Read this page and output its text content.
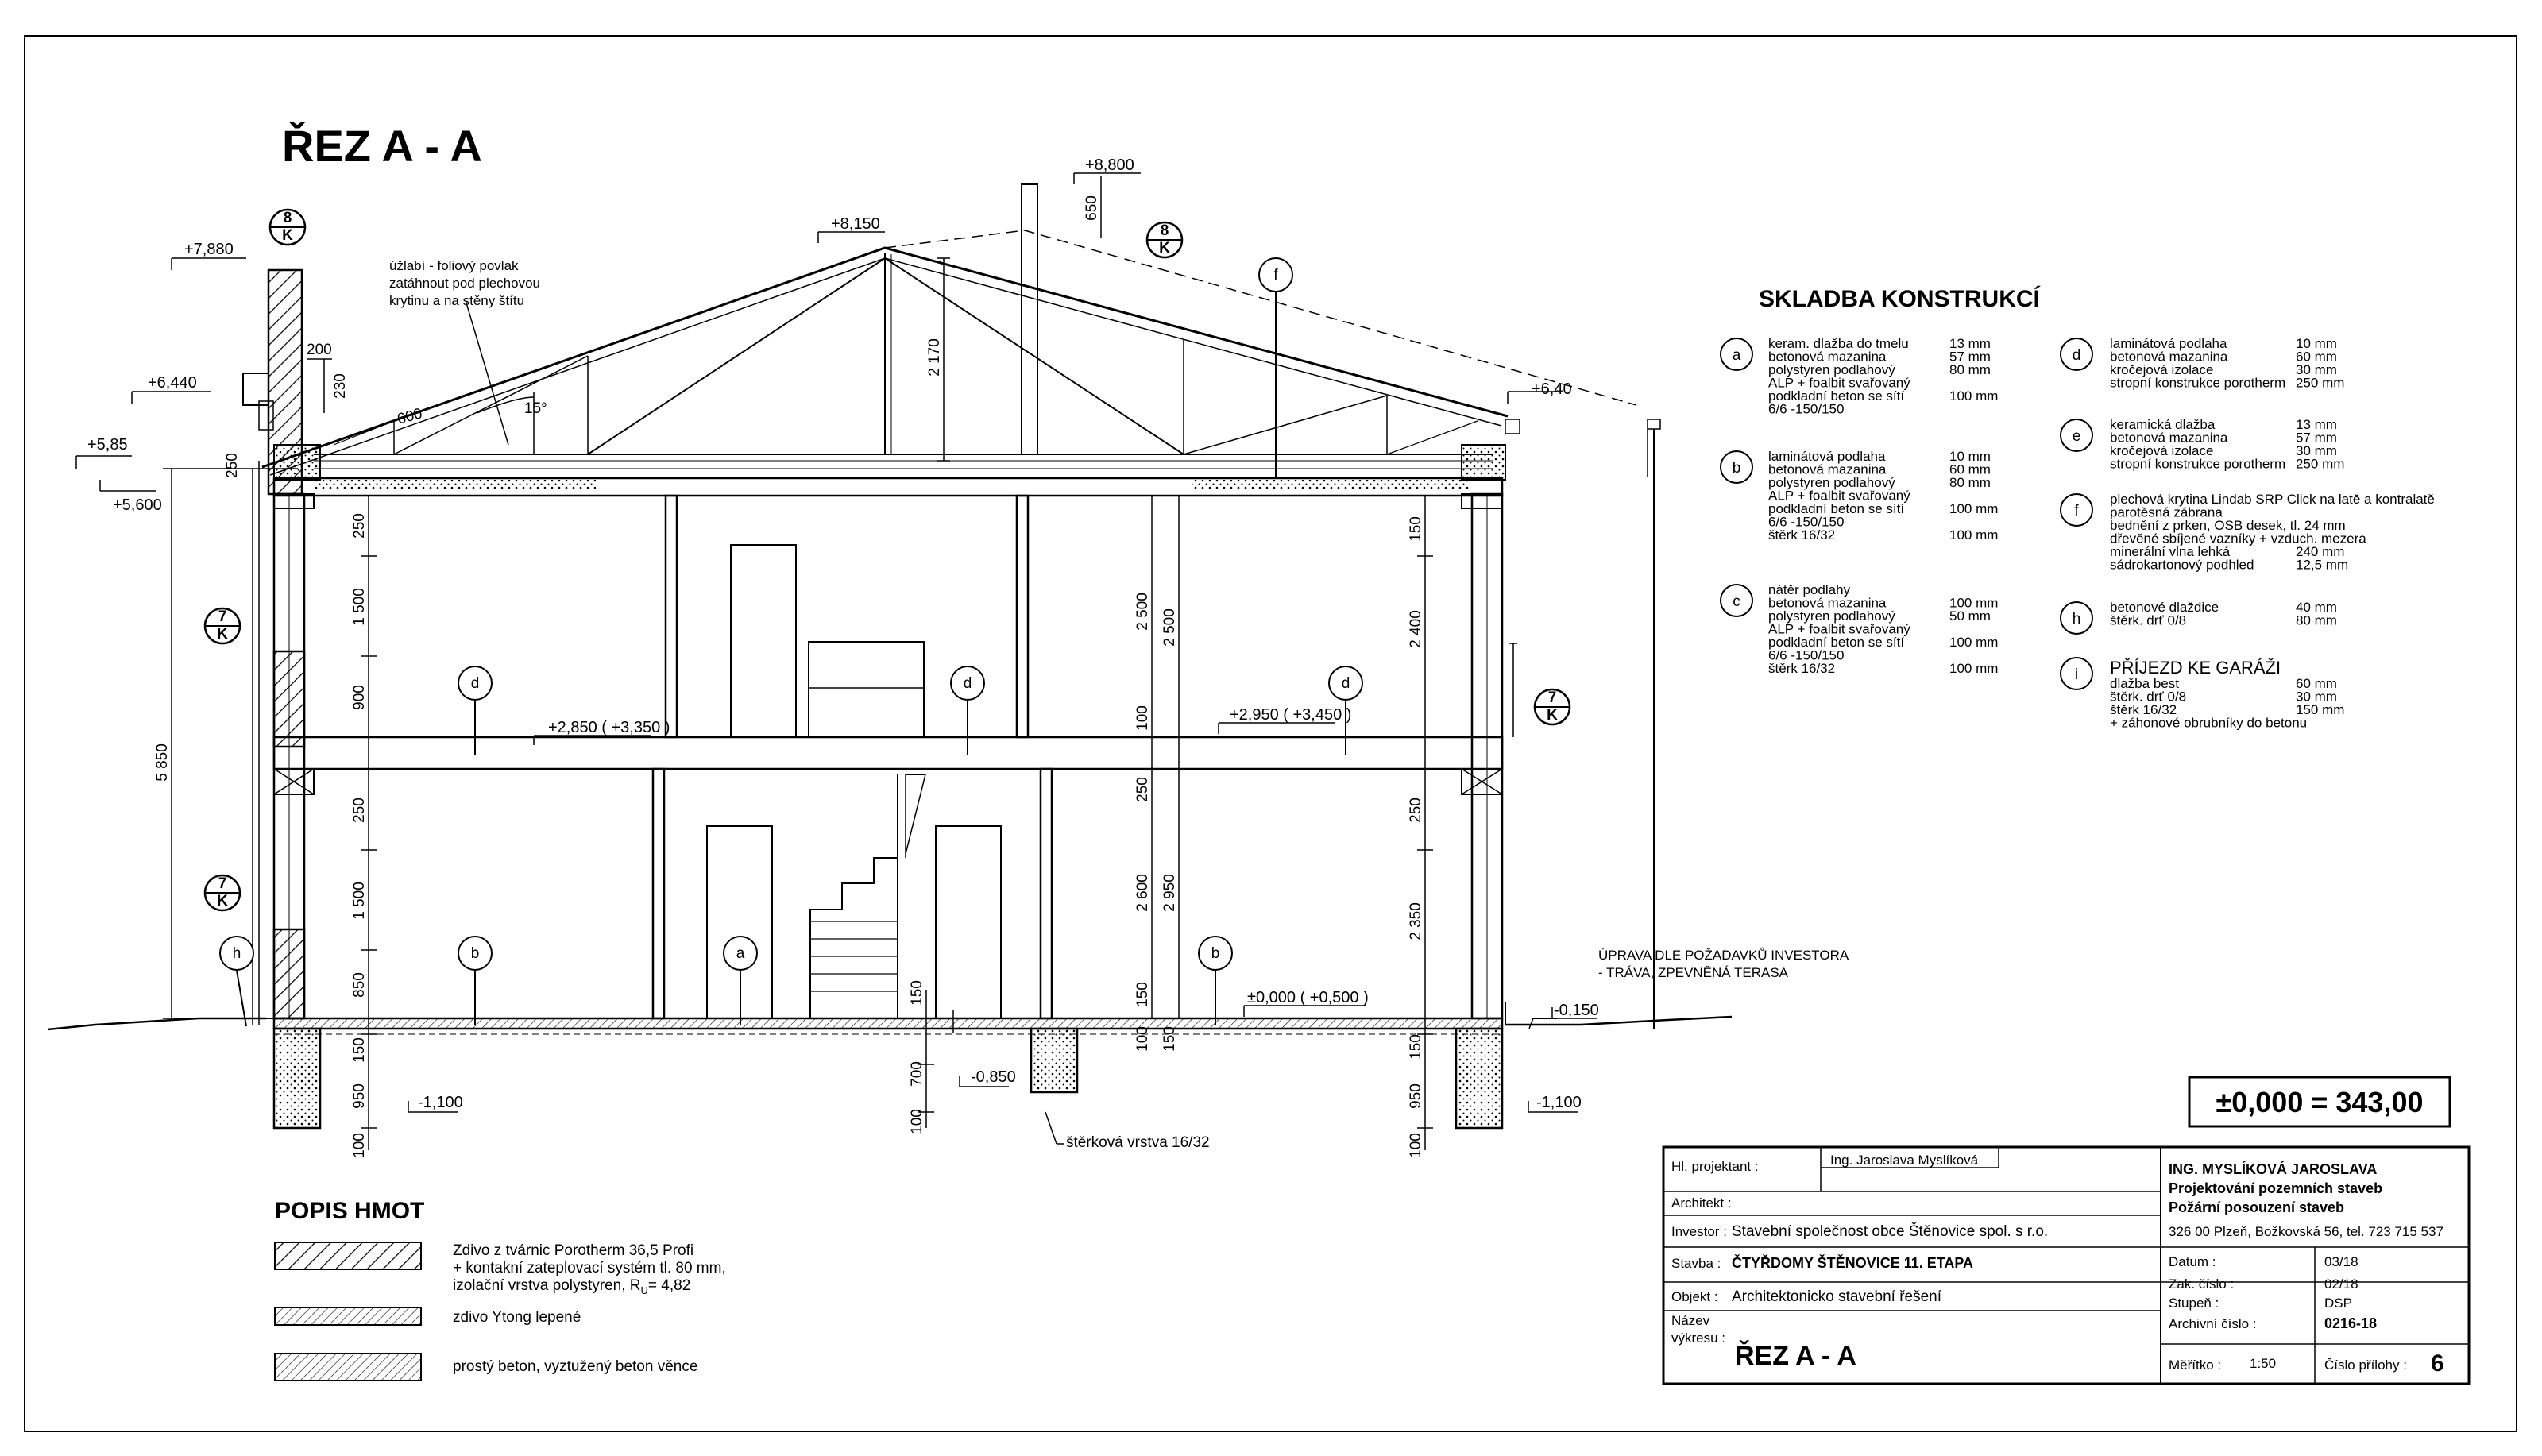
ŘEZ A - A
+7,880
+8,150
+8,800
+6,440	+6,40
+5,85
+5,600
+2,850 ( +3,350 )
+2,950 ( +3,450 )
±0,000 ( +0,500 )
-0,150
-0,850
-1,100	-1,100
5 850
250
1 500
900
250
1 500
850
150
950
100
2 500 2 500
100
250
2 600 2 950
150
100 150
2 400
150
250
2 350
150
950
100
700
100
150
2 170
650
230
250
200
600	15°
úžlabí - foliový povlak
zatáhnout pod plechovou
krytinu a na stěny štítu
štěrková vrstva 16/32
ÚPRAVA DLE POŽADAVKŮ INVESTORA
- TRÁVA, ZPEVNĚNÁ TERASA
8
K	8
K
7
K
7
K
7
K
d	d	d
b	a	b
f
h
SKLADBA KONSTRUKCÍ
a
keram. dlažba do tmelu	13 mm
betonová mazanina	57 mm
polystyren podlahový	80 mm
ALP + foalbit svařovaný
podkladní beton se sítí	100 mm
6/6 -150/150
b
laminátová podlaha	10 mm
betonová mazanina	60 mm
polystyren podlahový	80 mm
ALP + foalbit svařovaný
podkladní beton se sítí	100 mm
6/6 -150/150
štěrk 16/32	100 mm
c
nátěr podlahy
betonová mazanina	100 mm
polystyren podlahový	50 mm
ALP + foalbit svařovaný
podkladní beton se sítí	100 mm
6/6 -150/150
štěrk 16/32	100 mm
d
laminátová podlaha	10 mm
betonová mazanina	60 mm
kročejová izolace	30 mm
stropní konstrukce porotherm 250 mm
e
keramická dlažba	13 mm
betonová mazanina	57 mm
kročejová izolace	30 mm
stropní konstrukce porotherm 250 mm
f
plechová krytina Lindab SRP Click na latě a kontralatě
parotěsná zábrana
bednění z prken, OSB desek, tl. 24 mm
dřevěné sbíjené vazníky + vzduch. mezera
minerální vlna lehká	240 mm
sádrokartonový podhled	12,5 mm
h
betonové dlaždice	40 mm
štěrk. drť 0/8	80 mm
i PŘÍJEZD KE GARÁŽI
dlažba best	60 mm
štěrk. drť 0/8	30 mm
štěrk 16/32	150 mm
+ záhonové obrubníky do betonu
±0,000 = 343,00
POPIS HMOT
Zdivo z tvárnic Porotherm 36,5 Profi
+ kontakní zateplovací systém tl. 80 mm,
izolační vrstva polystyren, $R_U= 4,82$
zdivo Ytong lepené
prostý beton, vyztužený beton věnce
Hl. projektant :	Ing. Jaroslava Myslíková
Architekt :
Investor : Stavební společnost obce Štěnovice spol. s r.o.
Stavba : ČTYŘDOMY ŠTĚNOVICE 11. ETAPA
Objekt : Architektonicko stavební řešení
Název
výkresu :
ŘEZ A - A
ING. MYSLÍKOVÁ JAROSLAVA
Projektování pozemních staveb
Požární posouzení staveb
326 00 Plzeň, Božkovská 56, tel. 723 715 537
Datum :	03/18
Zak. číslo :	02/18
Stupeň :	DSP
Archivní číslo :	0216-18
Měřítko : 1:50	Číslo přílohy : 6
